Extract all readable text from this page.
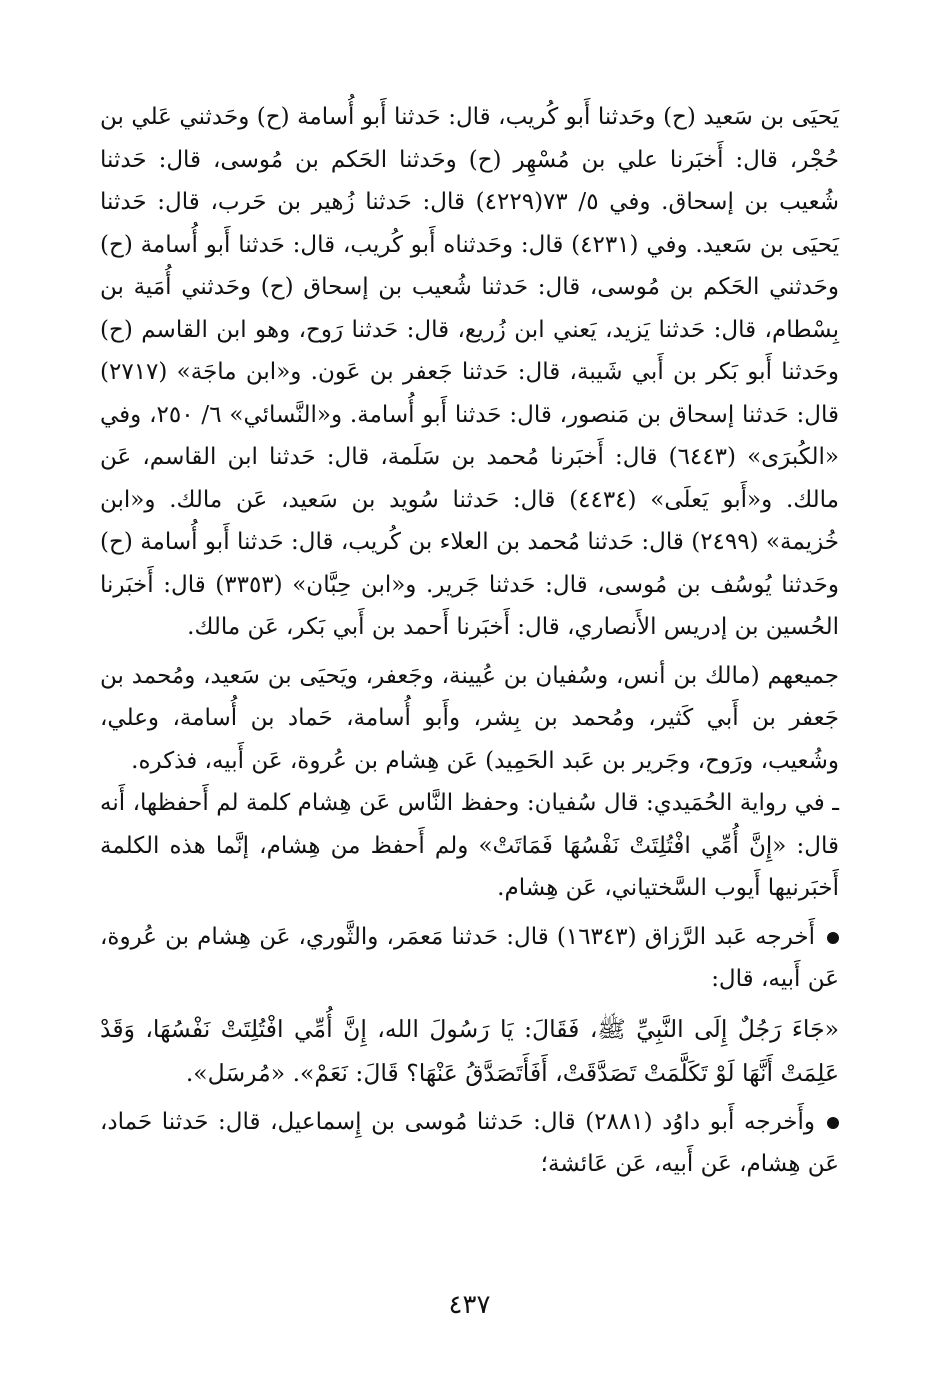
يَحيَى بن سَعيد (ح) وحَدثنا أَبو كُريب، قال: حَدثنا أَبو أُسامة (ح) وحَدثني عَلي بن حُجْر، قال: أَخبَرنا علي بن مُسْهِر (ح) وحَدثنا الحَكم بن مُوسى، قال: حَدثنا شُعيب بن إسحاق. وفي ٥/ ٧٣(٤٢٢٩) قال: حَدثنا زُهير بن حَرب، قال: حَدثنا يَحيَى بن سَعيد. وفي (٤٢٣١) قال: وحَدثناه أَبو كُريب، قال: حَدثنا أَبو أُسامة (ح) وحَدثني الحَكم بن مُوسى، قال: حَدثنا شُعيب بن إسحاق (ح) وحَدثني أُمَية بن بِسْطام، قال: حَدثنا يَزيد، يَعني ابن زُريع، قال: حَدثنا رَوح، وهو ابن القاسم (ح) وحَدثنا أَبو بَكر بن أَبي شَيبة، قال: حَدثنا جَعفر بن عَون. و«ابن ماجَة» (٢٧١٧) قال: حَدثنا إسحاق بن مَنصور، قال: حَدثنا أَبو أُسامة. و«النَّسائي» ٦/ ٢٥٠، وفي «الكُبرَى» (٦٤٤٣) قال: أَخبَرنا مُحمد بن سَلَمة، قال: حَدثنا ابن القاسم، عَن مالك. و«أَبو يَعلَى» (٤٤٣٤) قال: حَدثنا سُويد بن سَعيد، عَن مالك. و«ابن خُزيمة» (٢٤٩٩) قال: حَدثنا مُحمد بن العلاء بن كُريب، قال: حَدثنا أَبو أُسامة (ح) وحَدثنا يُوسُف بن مُوسى، قال: حَدثنا جَرير. و«ابن حِبَّان» (٣٣٥٣) قال: أَخبَرنا الحُسين بن إدريس الأَنصاري، قال: أَخبَرنا أَحمد بن أَبي بَكر، عَن مالك.

جميعهم (مالك بن أنس، وسُفيان بن عُيينة، وجَعفر، ويَحيَى بن سَعيد، ومُحمد بن جَعفر بن أَبي كَثير، ومُحمد بن بِشر، وأَبو أُسامة، حَماد بن أُسامة، وعلي، وشُعيب، ورَوح، وجَرير بن عَبد الحَمِيد) عَن هِشام بن عُروة، عَن أَبيه، فذكره.

ـ في رواية الحُمَيدي: قال سُفيان: وحفظ النَّاس عَن هِشام كلمة لم أَحفظها، أَنه قال: «إِنَّ أُمِّي افْتُلِتَتْ نَفْسُهَا فَمَاتَتْ» ولم أَحفظ من هِشام، إنَّما هذه الكلمة أَخبَرنيها أَيوب السَّختياني، عَن هِشام.

أَخرجه عَبد الرَّزاق (١٦٣٤٣) قال: حَدثنا مَعمَر، والثَّوري، عَن هِشام بن عُروة، عَن أَبيه، قال:

«جَاءَ رَجُلٌ إِلَى النَّبِيِّ ﷺ، فَقَالَ: يَا رَسُولَ الله، إِنَّ أُمِّي افْتُلِتَتْ نَفْسُهَا، وَقَدْ عَلِمَتْ أَنَّهَا لَوْ تَكَلَّمَتْ تَصَدَّقَتْ، أَفَأَتَصَدَّقُ عَنْهَا؟ قَالَ: نَعَمْ». «مُرسَل».

وأَخرجه أَبو داوُد (٢٨٨١) قال: حَدثنا مُوسى بن إِسماعيل، قال: حَدثنا حَماد، عَن هِشام، عَن أَبيه، عَن عَائشة؛

٤٣٧
